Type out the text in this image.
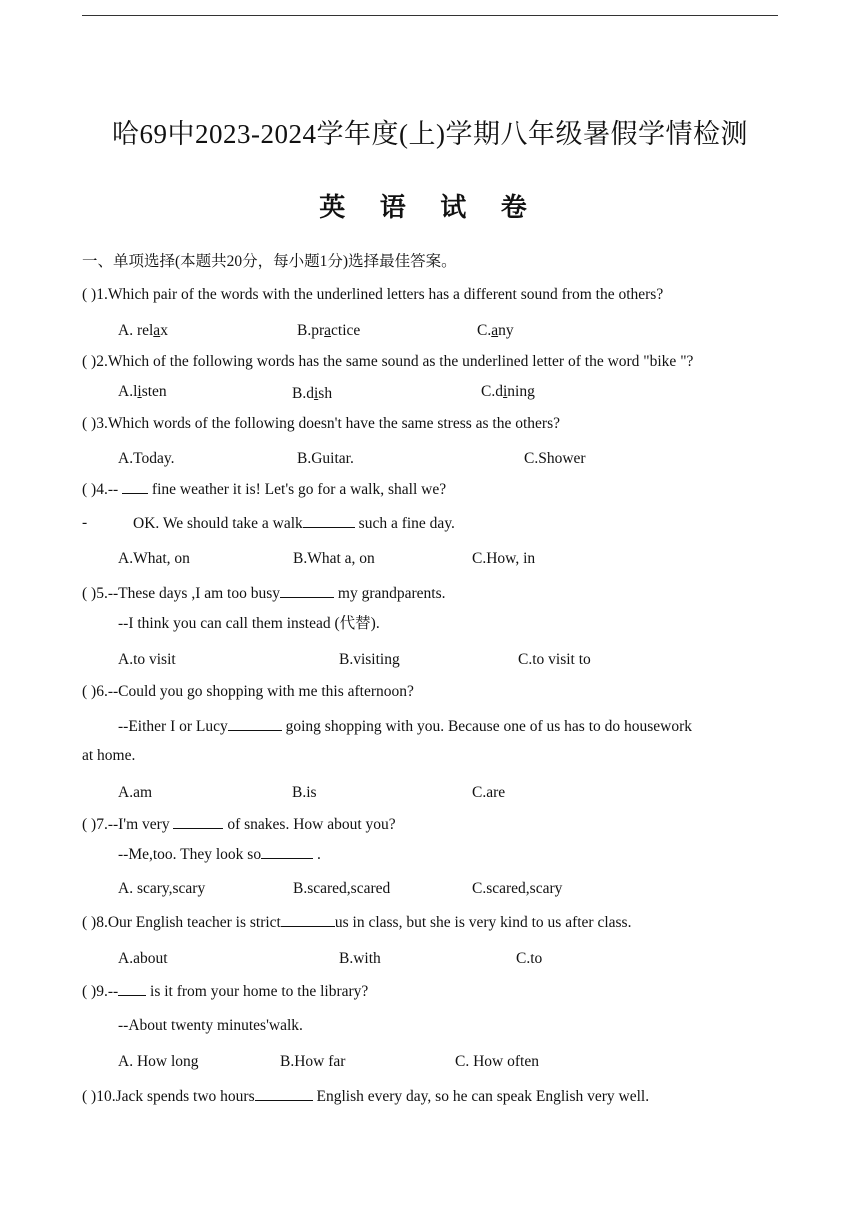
哈69中2023-2024学年度(上)学期八年级暑假学情检测
英 语 试 卷
一、单项选择(本题共20分，每小题1分)选择最佳答案。
( )1.Which pair of the words with the underlined letters has a different sound from the others?
A. relax	B.practice	C.any
( )2.Which of the following words has the same sound as the underlined letter of the word "bike "?
A.listen	B.dish	C.dining
( )3.Which words of the following doesn't have the same stress as the others?
A.Today.	B.Guitar.	C.Shower
( )4.--  fine weather it is! Let's go for a walk, shall we?
-	OK. We should take a walk	such a fine day.
A.What, on	B.What a, on	C.How, in
( )5.--These days ,I am too busy	my grandparents.
--I think you can call them instead (代替).
A.to visit	B.visiting	C.to visit to
( )6.--Could you go shopping with me this afternoon?
--Either I or Lucy	going shopping with you. Because one of us has to do housework
at home.
A.am	B.is	C.are
( )7.--I'm very	of snakes. How about you?
--Me,too. They look so	.
A. scary,scary	B.scared,scared	C.scared,scary
( )8.Our English teacher is strict	us in class, but she is very kind to us after class.
A.about	B.with	C.to
( )9.-- is it from your home to the library?
--About twenty minutes'walk.
A. How long	B.How far	C. How often
( )10.Jack spends two hours	English every day, so he can speak English very well.
